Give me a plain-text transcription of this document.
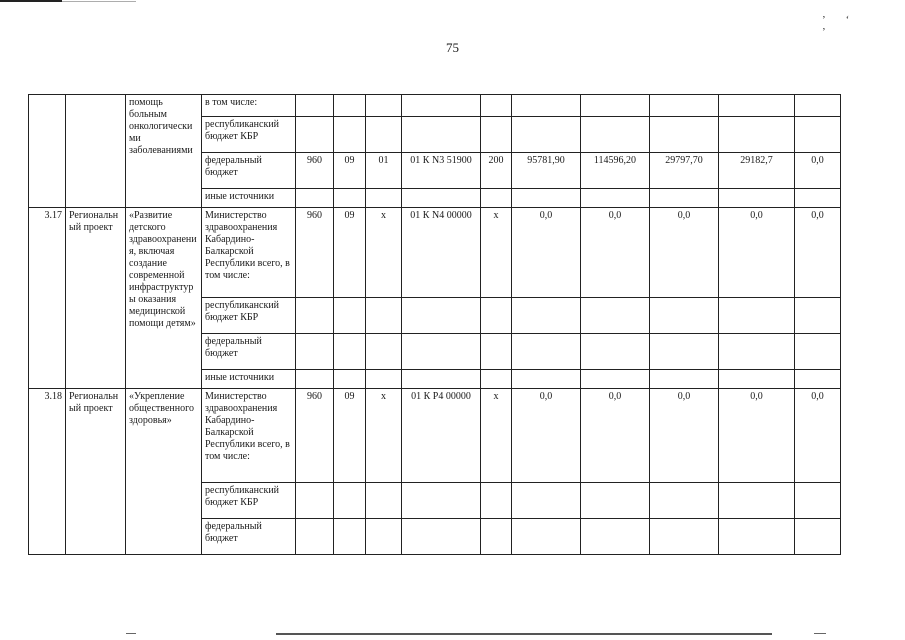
’‘ ’
75
		помощь больным онкологическими заболеваниями	в том числе:										
			республиканский бюджет КБР										
			федеральный бюджет	960	09	01	01 К N3 51900	200	95781,90	114596,20	29797,70	29182,7	0,0
			иные источники										
3.17	Региональный проект	«Развитие детского здравоохранения, включая создание современной инфраструктуры оказания медицинской помощи детям»	Министерство здравоохранения Кабардино-Балкарской Республики всего, в том числе:	960	09	х	01 К N4 00000	х	0,0	0,0	0,0	0,0	0,0
			республиканский бюджет КБР										
			федеральный бюджет										
			иные источники										
3.18	Региональный проект	«Укрепление общественного здоровья»	Министерство здравоохранения Кабардино-Балкарской Республики всего, в том числе:	960	09	х	01 К Р4 00000	х	0,0	0,0	0,0	0,0	0,0
			республиканский бюджет КБР										
			федеральный бюджет										
